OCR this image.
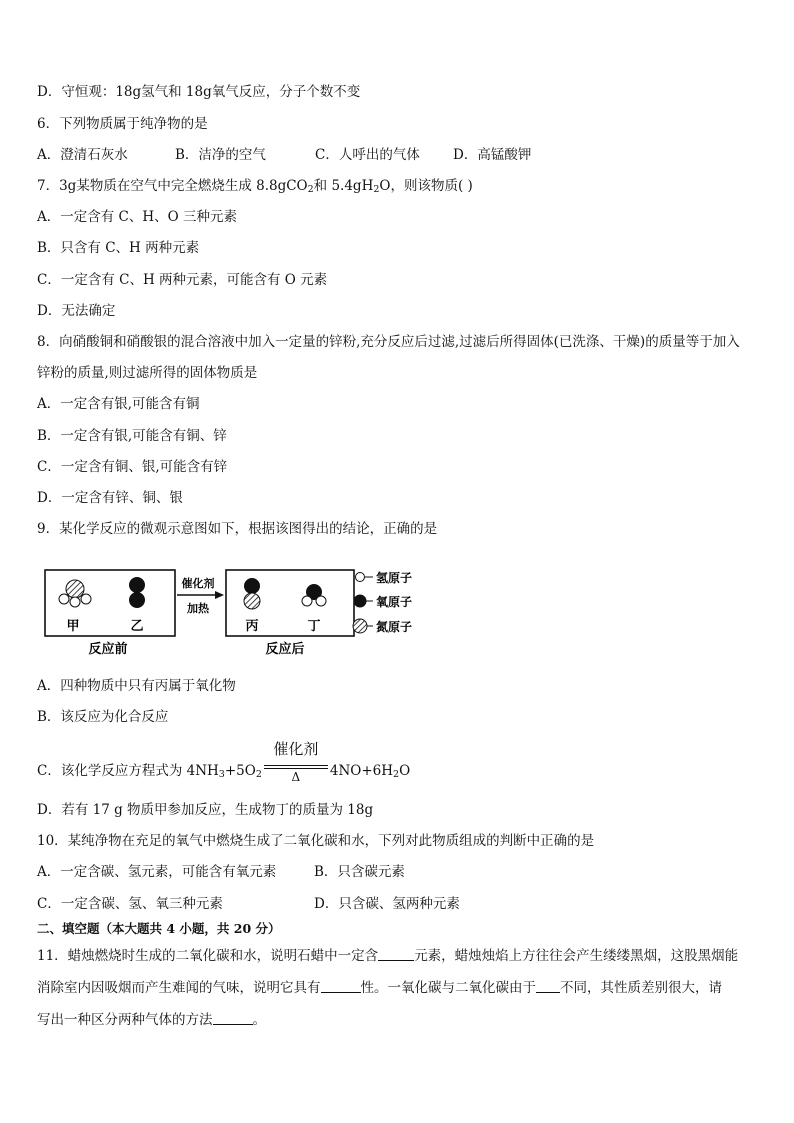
D．守恒观：18g氢气和 18g氧气反应，分子个数不变
6．下列物质属于纯净物的是
A．澄清石灰水	B．洁净的空气	C．人呼出的气体 D．高锰酸钾
7．3g某物质在空气中完全燃烧生成 8.8gCO$_2$和 $5.4gH_2O$，则该物质( )
A．一定含有 C、H、O 三种元素
B．只含有 C、H 两种元素
C．一定含有 C、H 两种元素，可能含有 O 元素
D．无法确定
8．向硝酸铜和硝酸银的混合溶液中加入一定量的锌粉,充分反应后过滤,过滤后所得固体(已洗涤、干燥)的质量等于加入
锌粉的质量,则过滤所得的固体物质是
A．一定含有银,可能含有铜
B．一定含有银,可能含有铜、锌
C．一定含有铜、银,可能含有锌
D．一定含有锌、铜、银
9．某化学反应的微观示意图如下，根据该图得出的结论，正确的是
甲	乙
反应前
催化剂
加热
丙	丁
反应后
氢原子
氧原子
氮原子
A．四种物质中只有丙属于氧化物
B．该反应为化合反应
C．该化学反应方程式为 $4NH_3+5O_2 \frac{\text{催化剂}}{\Delta} 4NO+6H_2O$
D．若有 17 g 物质甲参加反应，生成物丁的质量为 18g
10．某纯净物在充足的氧气中燃烧生成了二氧化碳和水，下列对此物质组成的判断中正确的是
A．一定含碳、氢元素，可能含有氧元素	B．只含碳元素
C．一定含碳、氢、氧三种元素	D．只含碳、氢两种元素
二、填空题（本大题共 4 小题，共 20 分）
11．蜡烛燃烧时生成的二氧化碳和水，说明石蜡中一定含	元素，蜡烛烛焰上方往往会产生缕缕黑烟，这股黑烟能
消除室内因吸烟而产生难闻的气味，说明它具有	性。一氧化碳与二氧化碳由于 不同，其性质差别很大，请
写出一种区分两种气体的方法	。
